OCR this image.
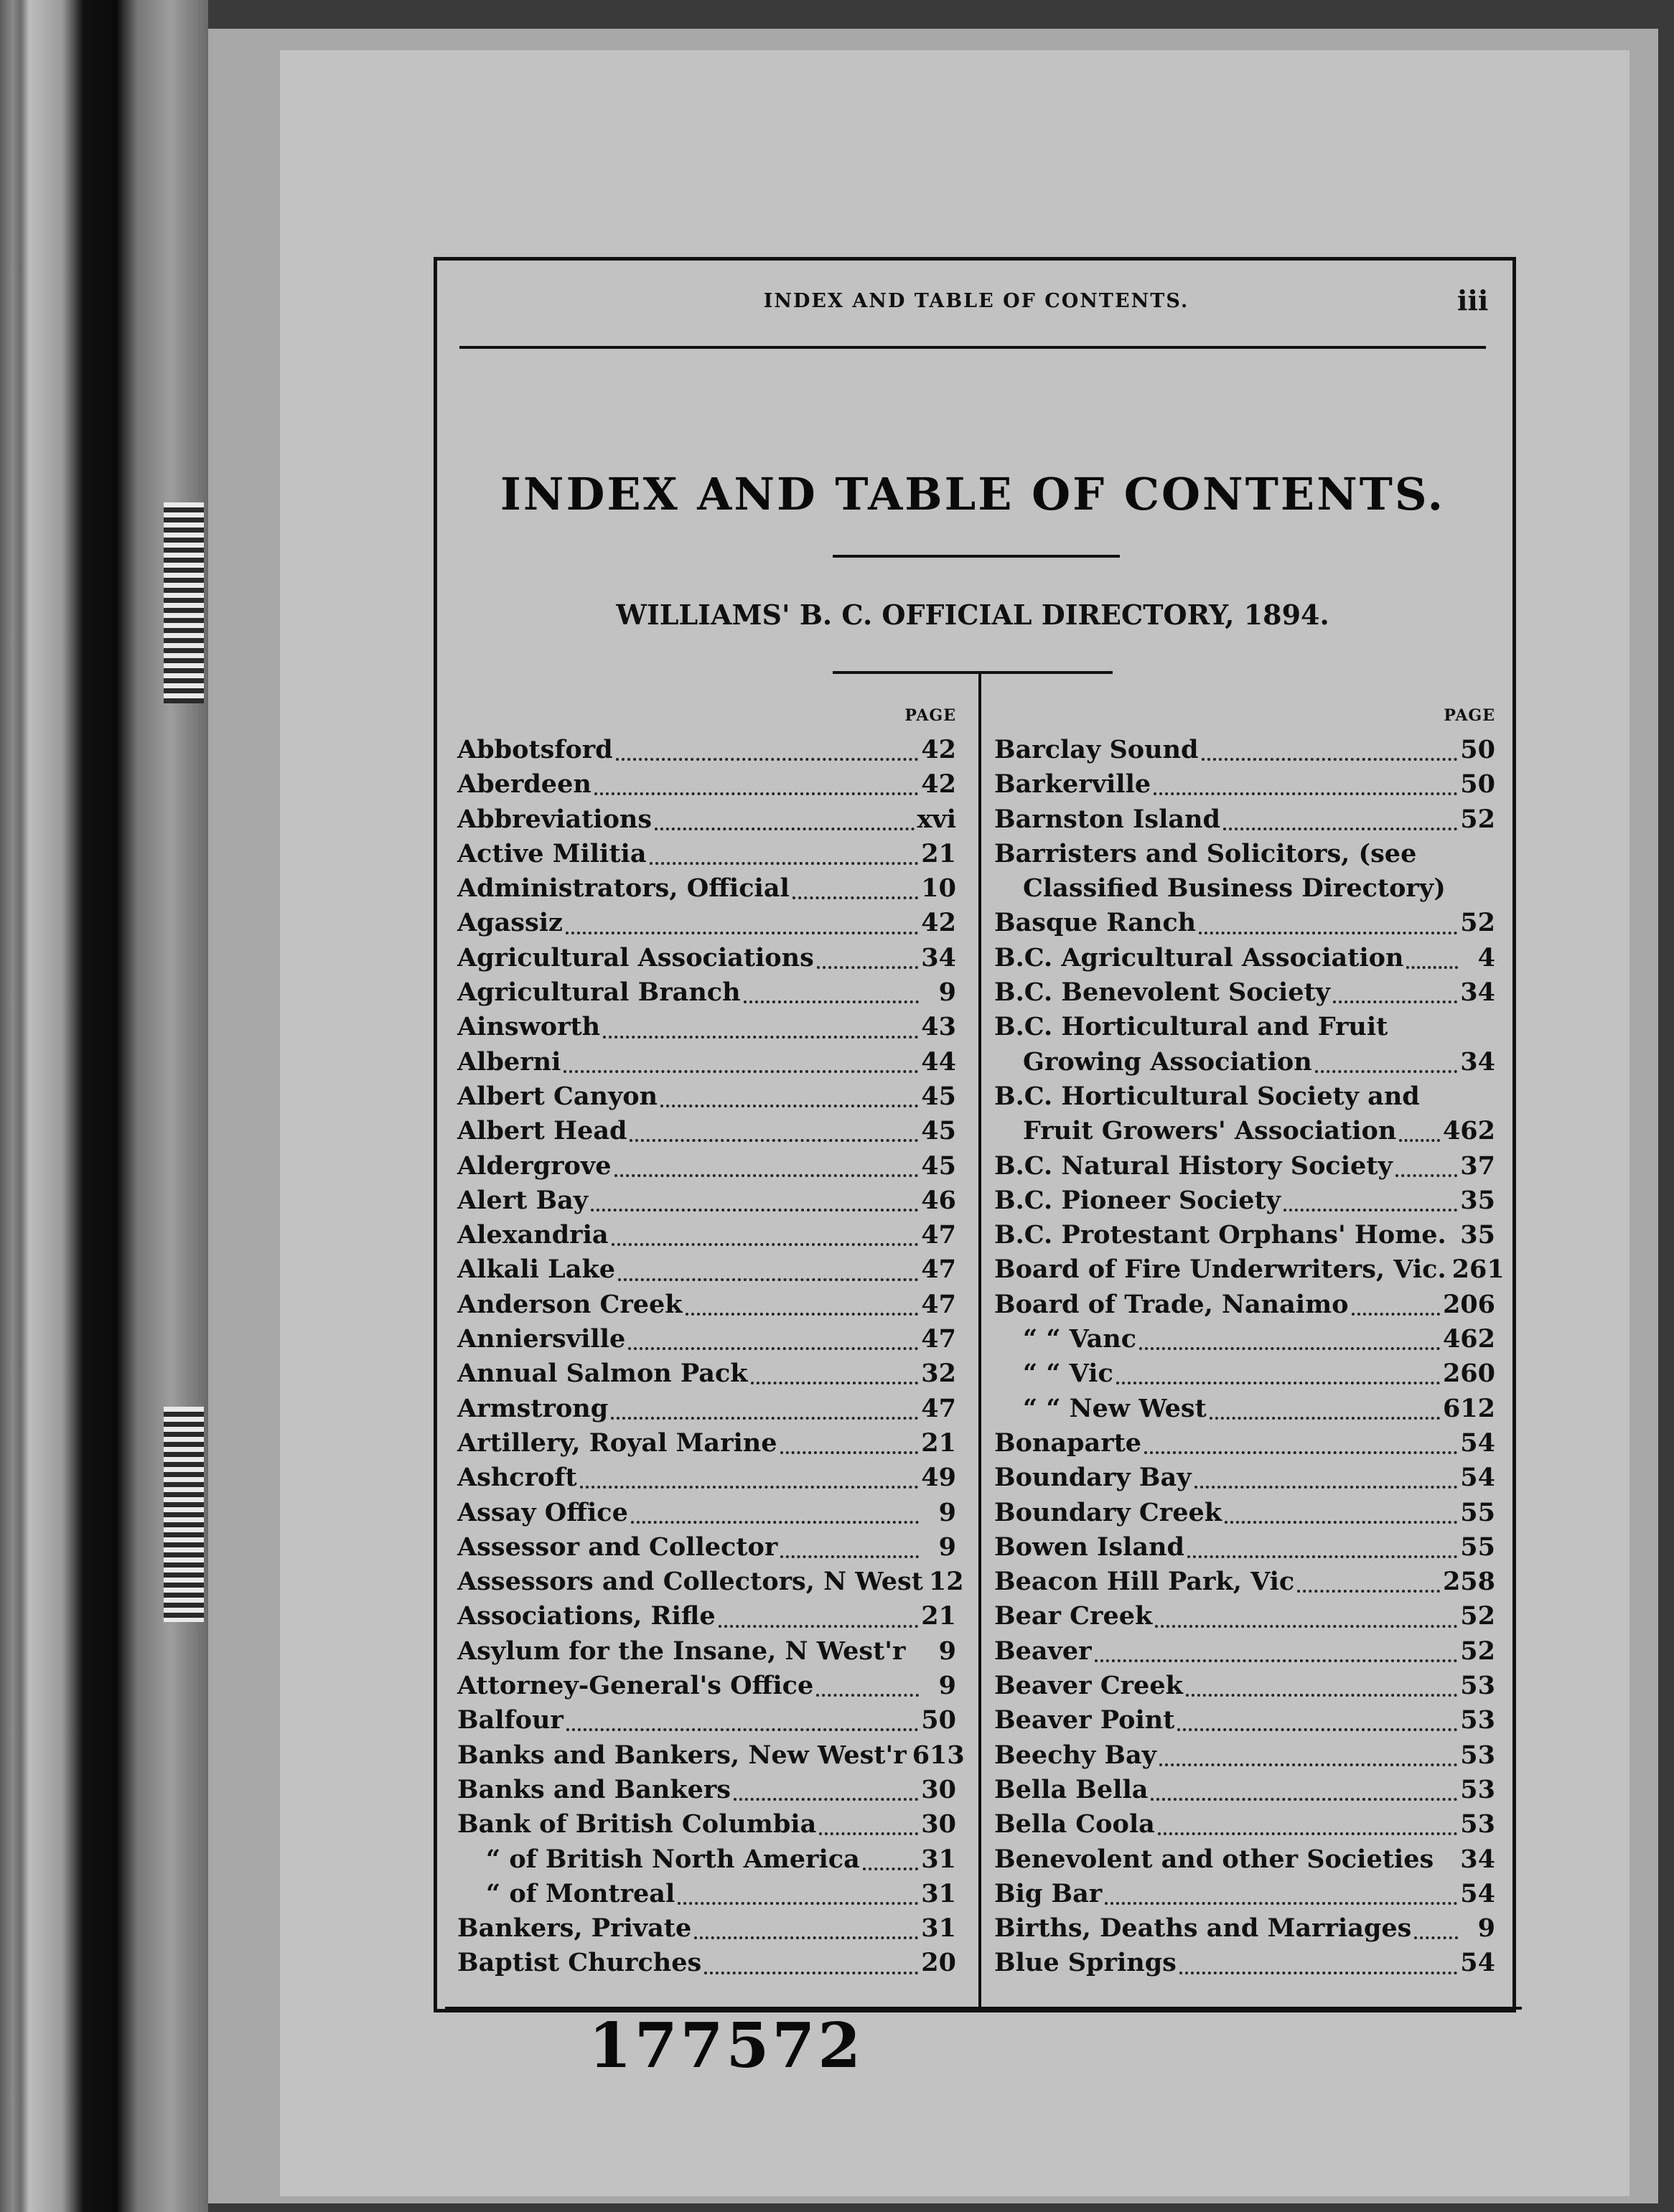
INDEX AND TABLE OF CONTENTS.	iii
INDEX AND TABLE OF CONTENTS.
WILLIAMS' B. C. OFFICIAL DIRECTORY, 1894.
PAGE
Abbotsford	42
Aberdeen	42
Abbreviations	xvi
Active Militia	21
Administrators, Official	10
Agassiz	42
Agricultural Associations	34
Agricultural Branch	9
Ainsworth	43
Alberni	44
Albert Canyon	45
Albert Head	45
Aldergrove	45
Alert Bay	46
Alexandria	47
Alkali Lake	47
Anderson Creek	47
Anniersville	47
Annual Salmon Pack	32
Armstrong	47
Artillery, Royal Marine	21
Ashcroft	49
Assay Office	9
Assessor and Collector	9
Assessors and Collectors, N West 12
Associations, Rifle	21
Asylum for the Insane, N West'r	9
Attorney-General's Office	9
Balfour	50
Banks and Bankers, New West'r 613
Banks and Bankers	30
Bank of British Columbia	30
“ of British North America 31
“ of Montreal	31
Bankers, Private	31
Baptist Churches	20
PAGE
Barclay Sound	50
Barkerville	50
Barnston Island	52
Barristers and Solicitors, (see
Classified Business Directory)
Basque Ranch	52
B.C. Agricultural Association	4
B.C. Benevolent Society	34
B.C. Horticultural and Fruit
Growing Association	34
B.C. Horticultural Society and
Fruit Growers' Association 462
B.C. Natural History Society	37
B.C. Pioneer Society	35
B.C. Protestant Orphans' Home. 35
Board of Fire Underwriters, Vic. 261
Board of Trade, Nanaimo	206
“ “ Vanc	462
“ “ Vic	260
“ “ New West	612
Bonaparte	54
Boundary Bay	54
Boundary Creek	55
Bowen Island	55
Beacon Hill Park, Vic	258
Bear Creek	52
Beaver	52
Beaver Creek	53
Beaver Point	53
Beechy Bay	53
Bella Bella	53
Bella Coola	53
Benevolent and other Societies 34
Big Bar	54
Births, Deaths and Marriages	9
Blue Springs	54
177572
